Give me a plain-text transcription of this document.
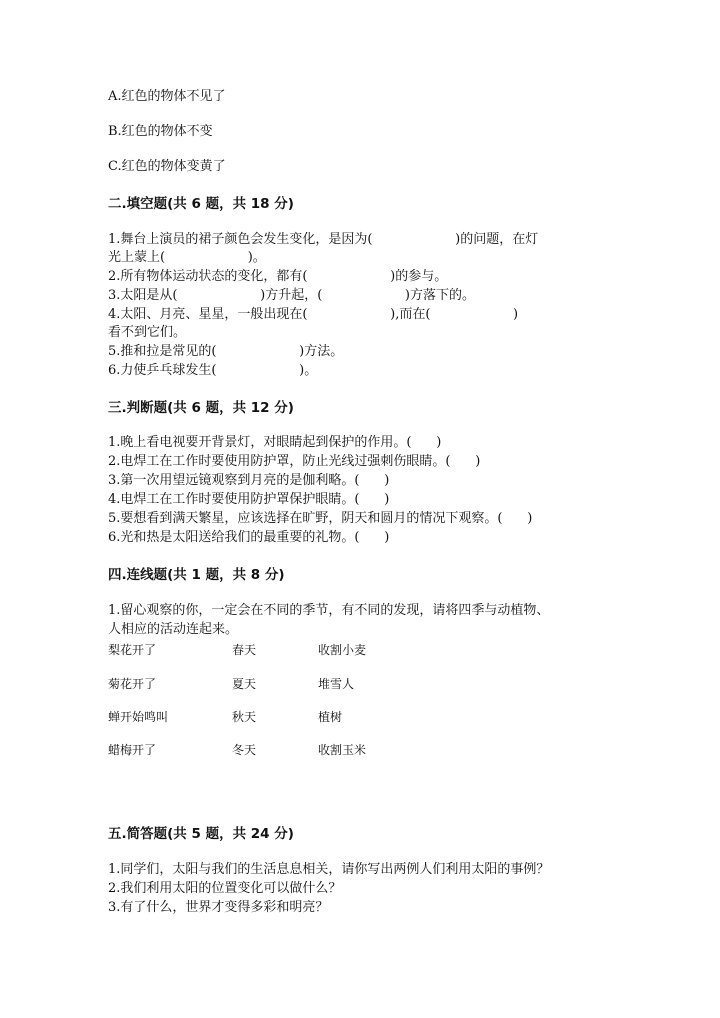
A.红色的物体不见了
B.红色的物体不变
C.红色的物体变黄了
二.填空题(共 6 题，共 18 分)
1.舞台上演员的裙子颜色会发生变化，是因为(                    )的问题，在灯
光上蒙上(                    )。
2.所有物体运动状态的变化，都有(                    )的参与。
3.太阳是从(                    )方升起，(                    )方落下的。
4.太阳、月亮、星星，一般出现在(                    ),而在(                    )
看不到它们。
5.推和拉是常见的(                    )方法。
6.力使乒乓球发生(                    )。
三.判断题(共 6 题，共 12 分)
1.晚上看电视要开背景灯，对眼睛起到保护的作用。(      )
2.电焊工在工作时要使用防护罩，防止光线过强刺伤眼睛。(      )
3.第一次用望远镜观察到月亮的是伽利略。(      )
4.电焊工在工作时要使用防护罩保护眼睛。(      )
5.要想看到满天繁星，应该选择在旷野，阴天和圆月的情况下观察。(      )
6.光和热是太阳送给我们的最重要的礼物。(      )
四.连线题(共 1 题，共 8 分)
1.留心观察的你，一定会在不同的季节，有不同的发现，请将四季与动植物、
人相应的活动连起来。
梨花开了	春天	收割小麦
菊花开了	夏天	堆雪人
蝉开始鸣叫	秋天	植树
蜡梅开了	冬天	收割玉米
五.简答题(共 5 题，共 24 分)
1.同学们，太阳与我们的生活息息相关，请你写出两例人们利用太阳的事例？
2.我们利用太阳的位置变化可以做什么？
3.有了什么，世界才变得多彩和明亮？
